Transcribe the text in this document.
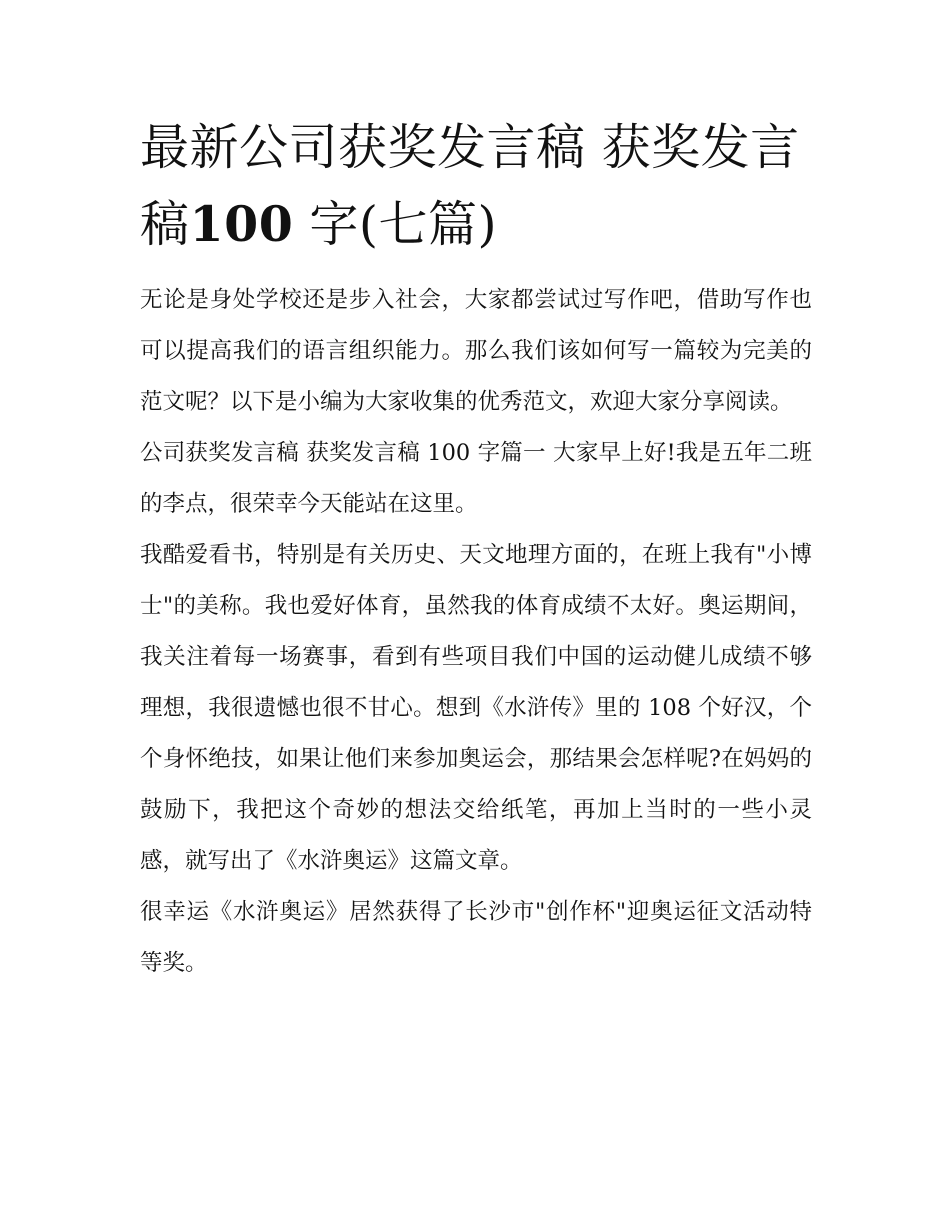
最新公司获奖发言稿 获奖发言稿100 字(七篇)

无论是身处学校还是步入社会，大家都尝试过写作吧，借助写作也可以提高我们的语言组织能力。那么我们该如何写一篇较为完美的范文呢？以下是小编为大家收集的优秀范文，欢迎大家分享阅读。

公司获奖发言稿 获奖发言稿 100 字篇一 大家早上好!我是五年二班的李点，很荣幸今天能站在这里。

我酷爱看书，特别是有关历史、天文地理方面的，在班上我有"小博士"的美称。我也爱好体育，虽然我的体育成绩不太好。奥运期间，我关注着每一场赛事，看到有些项目我们中国的运动健儿成绩不够理想，我很遗憾也很不甘心。想到《水浒传》里的 108 个好汉，个个身怀绝技，如果让他们来参加奥运会，那结果会怎样呢?在妈妈的鼓励下，我把这个奇妙的想法交给纸笔，再加上当时的一些小灵感，就写出了《水浒奥运》这篇文章。

很幸运《水浒奥运》居然获得了长沙市"创作杯"迎奥运征文活动特等奖。
